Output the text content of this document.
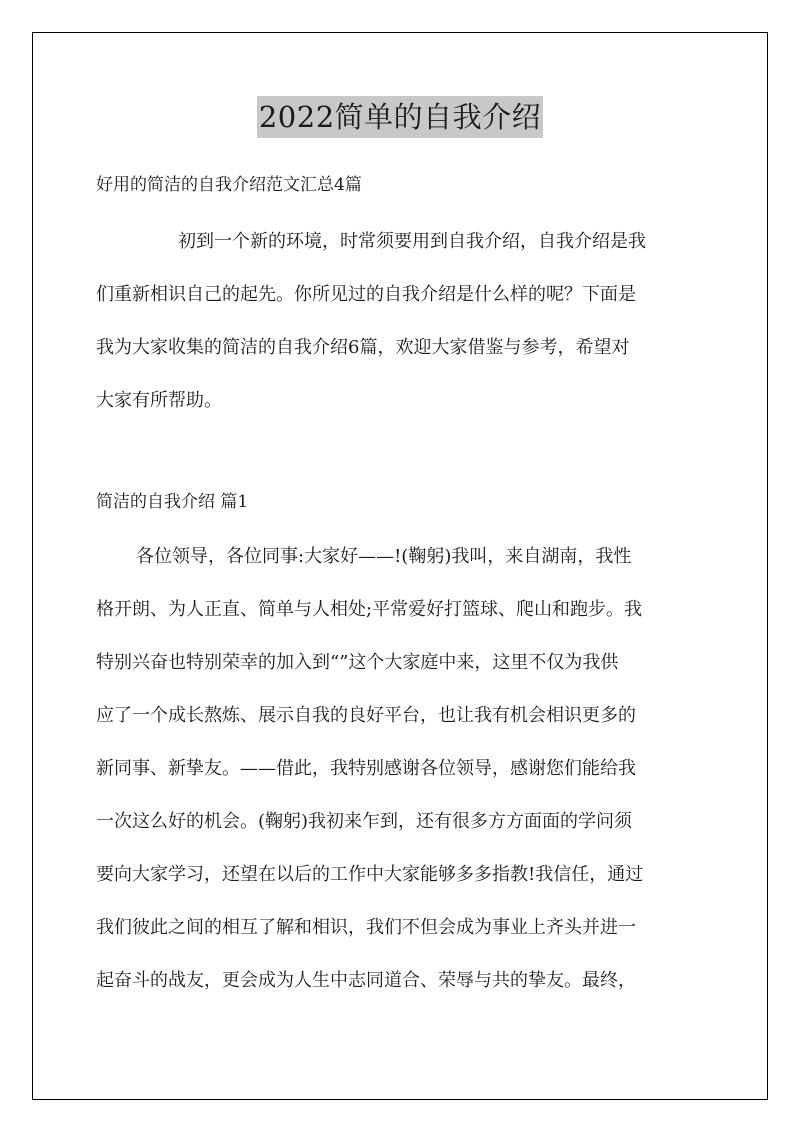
2022简单的自我介绍
好用的简洁的自我介绍范文汇总4篇
初到一个新的环境，时常须要用到自我介绍，自我介绍是我
们重新相识自己的起先。你所见过的自我介绍是什么样的呢？下面是
我为大家收集的简洁的自我介绍6篇，欢迎大家借鉴与参考，希望对
大家有所帮助。
简洁的自我介绍 篇1
各位领导，各位同事:大家好——!(鞠躬)我叫，来自湖南，我性
格开朗、为人正直、简单与人相处;平常爱好打篮球、爬山和跑步。我
特别兴奋也特别荣幸的加入到“”这个大家庭中来，这里不仅为我供
应了一个成长熬炼、展示自我的良好平台，也让我有机会相识更多的
新同事、新挚友。——借此，我特别感谢各位领导，感谢您们能给我
一次这么好的机会。(鞠躬)我初来乍到，还有很多方方面面的学问须
要向大家学习，还望在以后的工作中大家能够多多指教!我信任，通过
我们彼此之间的相互了解和相识，我们不但会成为事业上齐头并进一
起奋斗的战友，更会成为人生中志同道合、荣辱与共的挚友。最终，
